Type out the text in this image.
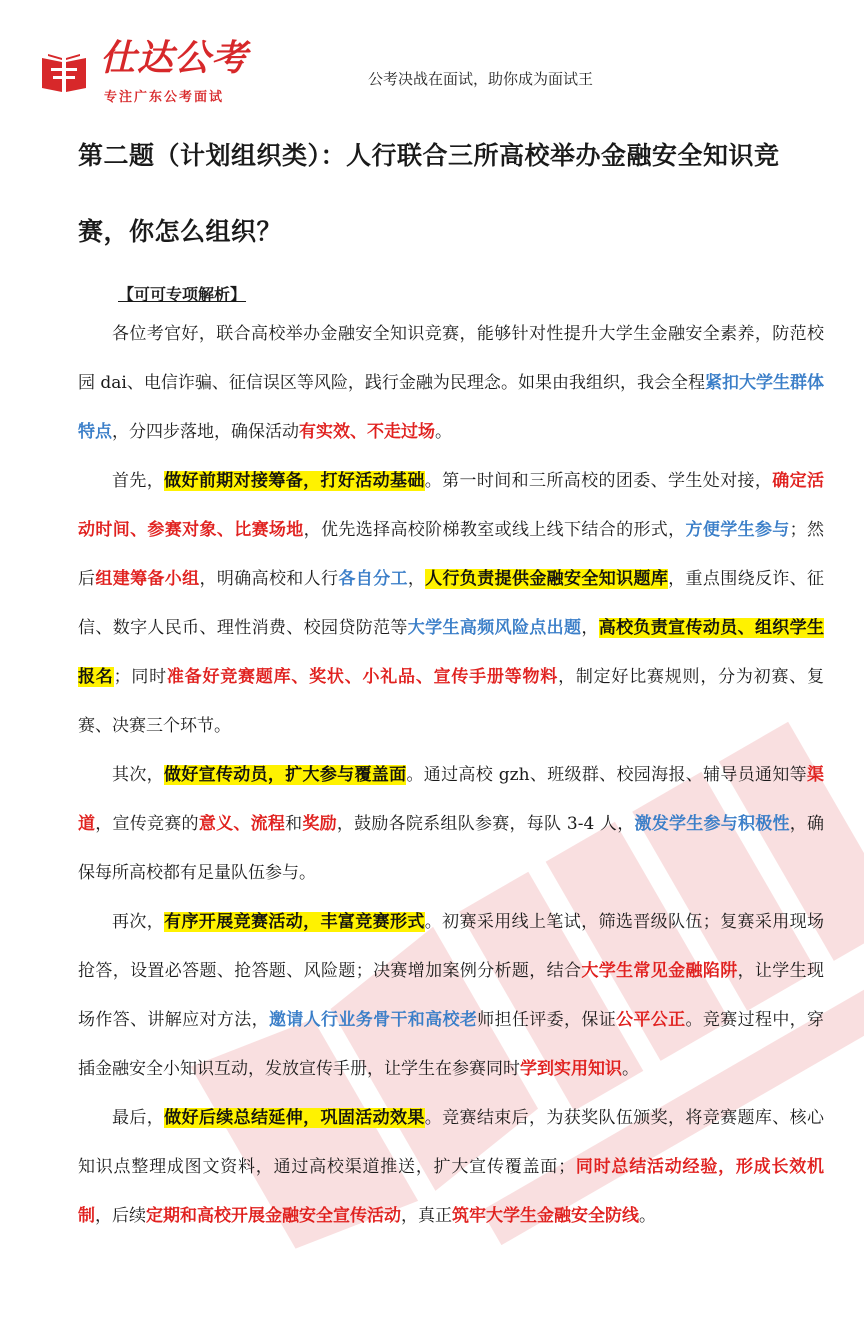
仕达公考
专注广东公考面试
公考决战在面试，助你成为面试王
第二题（计划组织类）：人行联合三所高校举办金融安全知识竞赛，你怎么组织？
【可可专项解析】

各位考官好，联合高校举办金融安全知识竞赛，能够针对性提升大学生金融安全素养，防范校园 dai、电信诈骗、征信误区等风险，践行金融为民理念。如果由我组织，我会全程紧扣大学生群体特点，分四步落地，确保活动有实效、不走过场。

首先，做好前期对接筹备，打好活动基础。第一时间和三所高校的团委、学生处对接，确定活动时间、参赛对象、比赛场地，优先选择高校阶梯教室或线上线下结合的形式，方便学生参与；然后组建筹备小组，明确高校和人行各自分工，人行负责提供金融安全知识题库，重点围绕反诈、征信、数字人民币、理性消费、校园贷防范等大学生高频风险点出题，高校负责宣传动员、组织学生报名；同时准备好竞赛题库、奖状、小礼品、宣传手册等物料，制定好比赛规则，分为初赛、复赛、决赛三个环节。

其次，做好宣传动员，扩大参与覆盖面。通过高校 gzh、班级群、校园海报、辅导员通知等渠道，宣传竞赛的意义、流程和奖励，鼓励各院系组队参赛，每队 3-4 人，激发学生参与积极性，确保每所高校都有足量队伍参与。

再次，有序开展竞赛活动，丰富竞赛形式。初赛采用线上笔试，筛选晋级队伍；复赛采用现场抢答，设置必答题、抢答题、风险题；决赛增加案例分析题，结合大学生常见金融陷阱，让学生现场作答、讲解应对方法，邀请人行业务骨干和高校老师担任评委，保证公平公正。竞赛过程中，穿插金融安全小知识互动，发放宣传手册，让学生在参赛同时学到实用知识。

最后，做好后续总结延伸，巩固活动效果。竞赛结束后，为获奖队伍颁奖，将竞赛题库、核心知识点整理成图文资料，通过高校渠道推送，扩大宣传覆盖面；同时总结活动经验，形成长效机制，后续定期和高校开展金融安全宣传活动，真正筑牢大学生金融安全防线。
